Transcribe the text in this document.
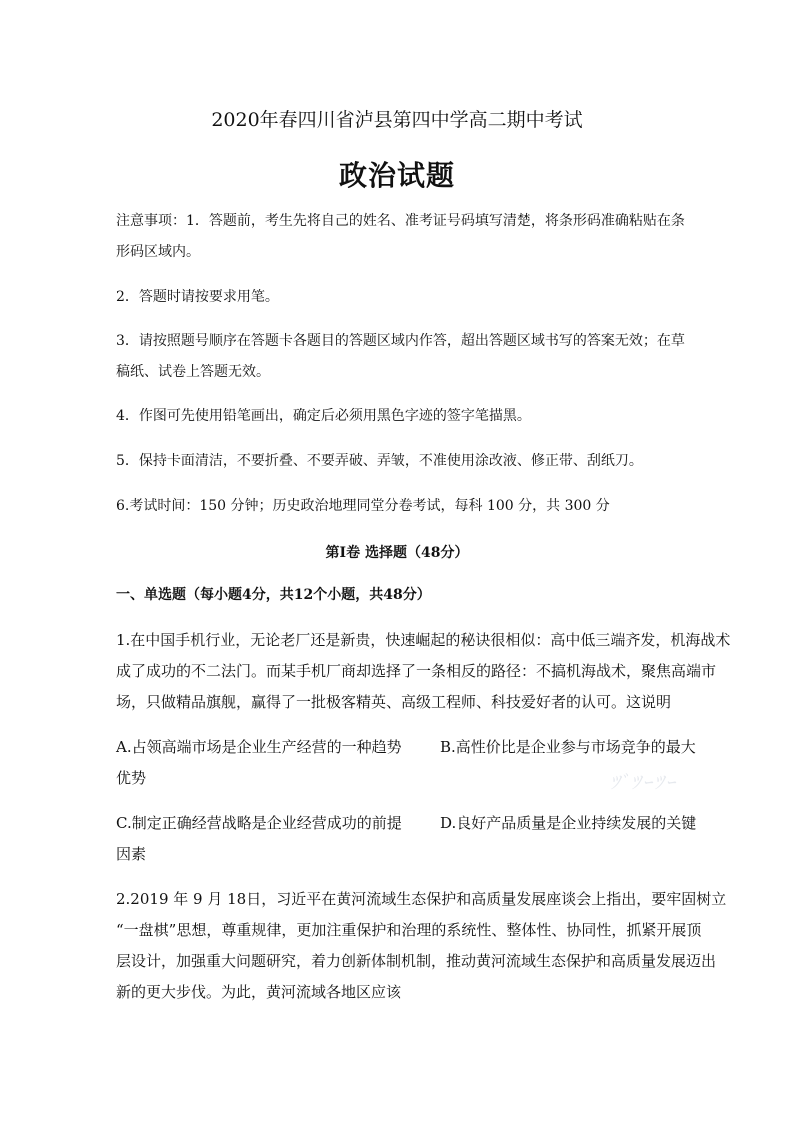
2020年春四川省泸县第四中学高二期中考试
政治试题
注意事项：1．答题前，考生先将自己的姓名、准考证号码填写清楚，将条形码准确粘贴在条
形码区域内。
2．答题时请按要求用笔。
3．请按照题号顺序在答题卡各题目的答题区域内作答，超出答题区域书写的答案无效；在草
稿纸、试卷上答题无效。
4．作图可先使用铅笔画出，确定后必须用黑色字迹的签字笔描黑。
5．保持卡面清洁，不要折叠、不要弄破、弄皱，不准使用涂改液、修正带、刮纸刀。
6.考试时间：150 分钟；历史政治地理同堂分卷考试，每科 100 分，共 300 分
第Ⅰ卷 选择题（48分）
一、单选题（每小题4分，共12个小题，共48分）
1.在中国手机行业，无论老厂还是新贵，快速崛起的秘诀很相似：高中低三端齐发，机海战术
成了成功的不二法门。而某手机厂商却选择了一条相反的路径：不搞机海战术，聚焦高端市
场，只做精品旗舰，赢得了一批极客精英、高级工程师、科技爱好者的认可。这说明
A.占领高端市场是企业生产经营的一种趋势	B.高性价比是企业参与市场竞争的最大
优势
C.制定正确经营战略是企业经营成功的前提	D.良好产品质量是企业持续发展的关键
因素
2.2019 年 9 月 18日，习近平在黄河流域生态保护和高质量发展座谈会上指出，要牢固树立
“一盘棋”思想，尊重规律，更加注重保护和治理的系统性、整体性、协同性，抓紧开展顶
层设计，加强重大问题研究，着力创新体制机制，推动黄河流域生态保护和高质量发展迈出
新的更大步伐。为此，黄河流域各地区应该
ﾂﾞﾂｰﾂｰ
